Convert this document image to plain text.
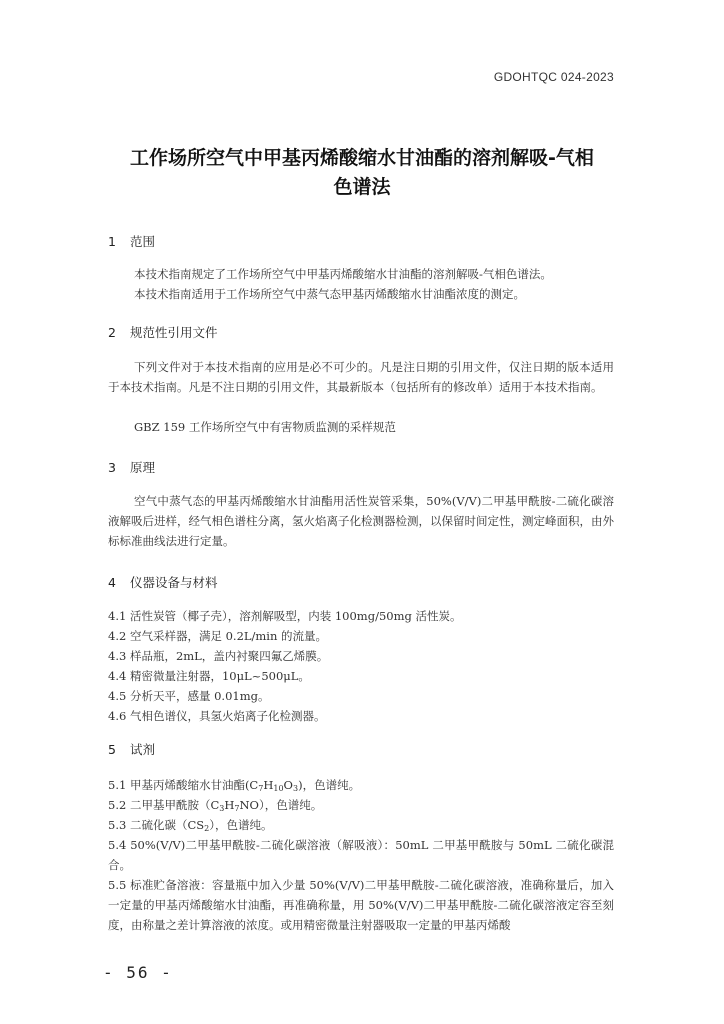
GDOHTQC 024-2023
工作场所空气中甲基丙烯酸缩水甘油酯的溶剂解吸-气相
色谱法
1 范围
本技术指南规定了工作场所空气中甲基丙烯酸缩水甘油酯的溶剂解吸-气相色谱法。
本技术指南适用于工作场所空气中蒸气态甲基丙烯酸缩水甘油酯浓度的测定。
2 规范性引用文件
下列文件对于本技术指南的应用是必不可少的。凡是注日期的引用文件，仅注日期的版本适用于本技术指南。凡是不注日期的引用文件，其最新版本（包括所有的修改单）适用于本技术指南。
GBZ 159 工作场所空气中有害物质监测的采样规范
3 原理
空气中蒸气态的甲基丙烯酸缩水甘油酯用活性炭管采集，50%(V/V)二甲基甲酰胺-二硫化碳溶液解吸后进样，经气相色谱柱分离，氢火焰离子化检测器检测，以保留时间定性，测定峰面积，由外标标准曲线法进行定量。
4 仪器设备与材料
4.1 活性炭管（椰子壳），溶剂解吸型，内装 100mg/50mg 活性炭。
4.2 空气采样器，满足 0.2L/min 的流量。
4.3 样品瓶，2mL，盖内衬聚四氟乙烯膜。
4.4 精密微量注射器，10μL~500μL。
4.5 分析天平，感量 0.01mg。
4.6 气相色谱仪，具氢火焰离子化检测器。
5 试剂
5.1 甲基丙烯酸缩水甘油酯$(C_7H_{10}O_3)$，色谱纯。
5.2 二甲基甲酰胺$(C_3H_7NO)$，色谱纯。
5.3 二硫化碳$(CS_2)$，色谱纯。
5.4 50%(V/V)二甲基甲酰胺-二硫化碳溶液（解吸液）：50mL 二甲基甲酰胺与 50mL 二硫化碳混合。
5.5 标准贮备溶液：容量瓶中加入少量 50%(V/V)二甲基甲酰胺-二硫化碳溶液，准确称量后，加入一定量的甲基丙烯酸缩水甘油酯，再准确称量，用 50%(V/V)二甲基甲酰胺-二硫化碳溶液定容至刻度，由称量之差计算溶液的浓度。或用精密微量注射器吸取一定量的甲基丙烯酸
- 56 -
